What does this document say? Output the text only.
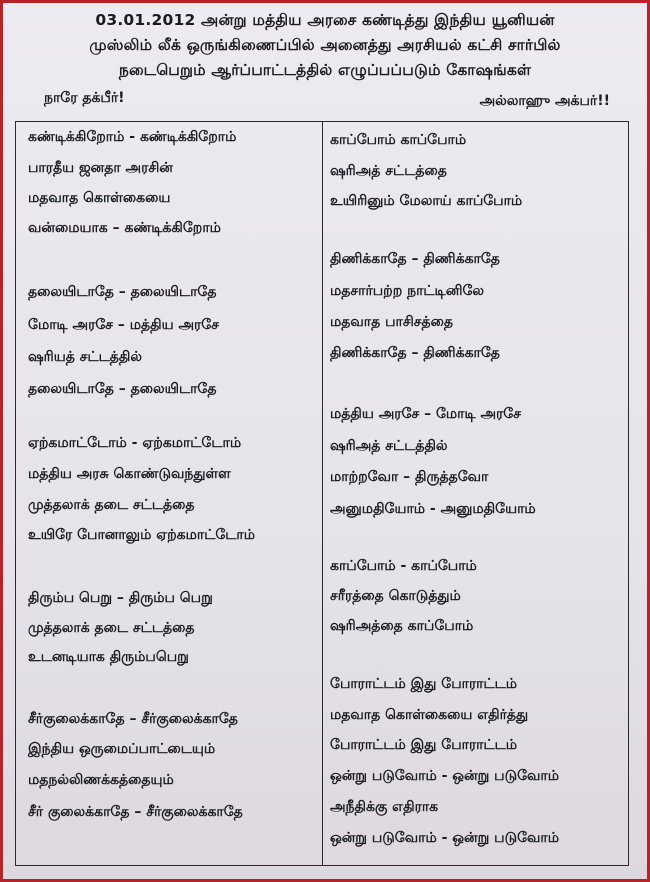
03.01.2012 அன்று மத்திய அரசை கண்டித்து இந்திய யூனியன்
முஸ்லிம் லீக் ஒருங்கிணைப்பில் அனைத்து அரசியல் கட்சி சார்பில்
நடைபெறும் ஆர்ப்பாட்டத்தில் எழுப்பப்படும் கோஷங்கள்
நாரே தக்பீர்!	அல்லாஹு அக்பர்!!
கண்டிக்கிறோம் - கண்டிக்கிறோம்
பாரதீய ஜனதா அரசின்
மதவாத கொள்கையை
வன்மையாக – கண்டிக்கிறோம்
தலையிடாதே – தலையிடாதே
மோடி அரசே – மத்திய அரசே
ஷரியத் சட்டத்தில்
தலையிடாதே – தலையிடாதே
ஏற்கமாட்டோம் - ஏற்கமாட்டோம்
மத்திய அரசு கொண்டுவந்துள்ள
முத்தலாக் தடை சட்டத்தை
உயிரே போனாலும் ஏற்கமாட்டோம்
திரும்ப பெறு – திரும்ப பெறு
முத்தலாக் தடை சட்டத்தை
உடனடியாக திரும்பபெறு
சீர்குலைக்காதே – சீர்குலைக்காதே
இந்திய ஒருமைப்பாட்டையும்
மதநல்லிணக்கத்தையும்
சீர் குலைக்காதே – சீர்குலைக்காதே
காப்போம் காப்போம்
ஷரிஅத் சட்டத்தை
உயிரினும் மேலாய் காப்போம்
திணிக்காதே – திணிக்காதே
மதசார்பற்ற நாட்டினிலே
மதவாத பாசிசத்தை
திணிக்காதே – திணிக்காதே
மத்திய அரசே – மோடி அரசே
ஷரிஅத் சட்டத்தில்
மாற்றவோ – திருத்தவோ
அனுமதியோம் - அனுமதியோம்
காப்போம் - காப்போம்
சரீரத்தை கொடுத்தும்
ஷரிஅத்தை காப்போம்
போராட்டம் இது போராட்டம்
மதவாத கொள்கையை எதிர்த்து
போராட்டம் இது போராட்டம்
ஒன்று படுவோம் - ஒன்று படுவோம்
அநீதிக்கு எதிராக
ஒன்று படுவோம் - ஒன்று படுவோம்
